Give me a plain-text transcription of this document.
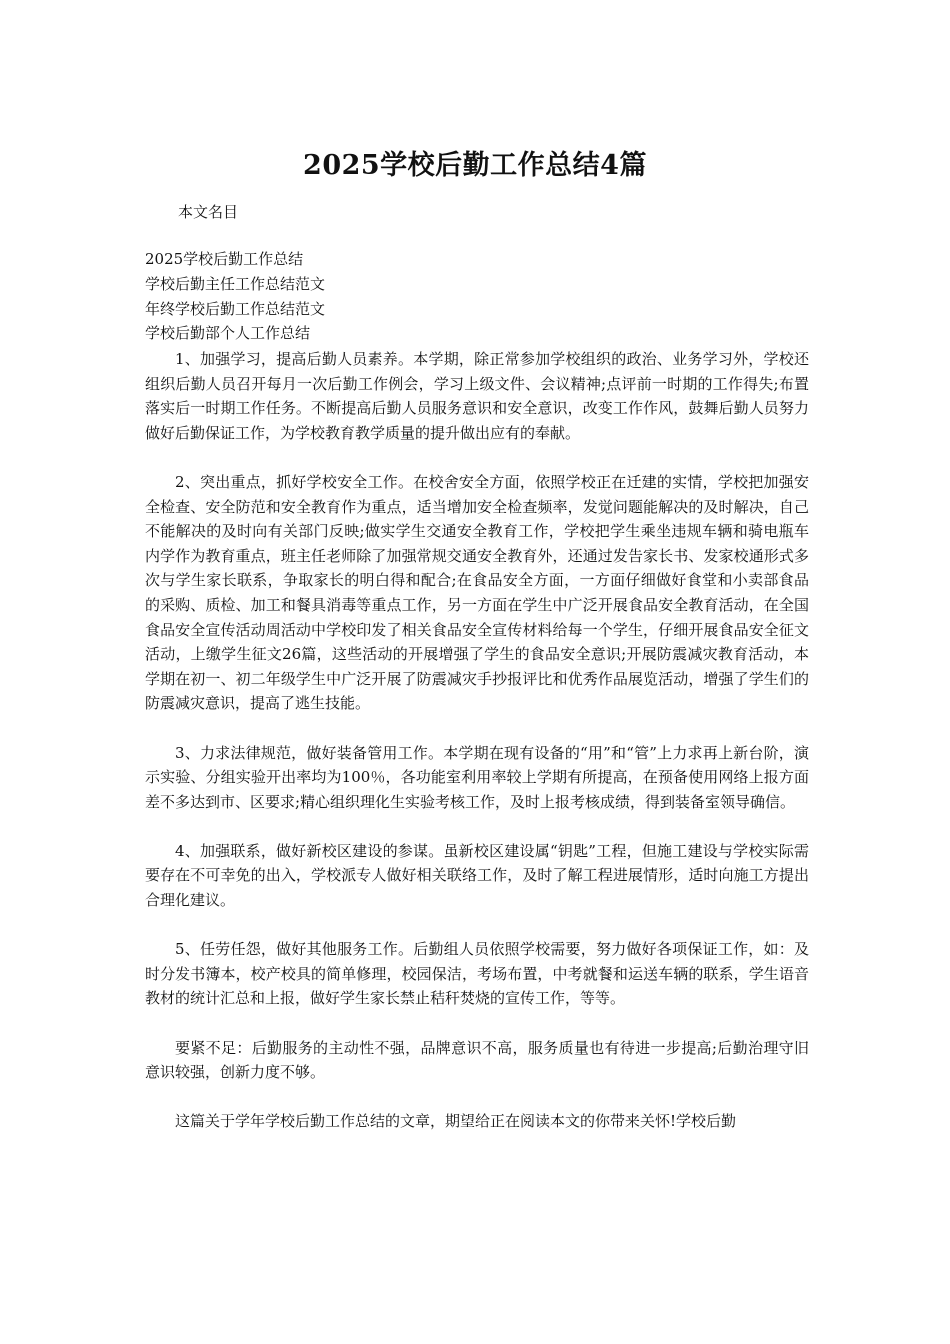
2025学校后勤工作总结4篇
本文名目
2025学校后勤工作总结
学校后勤主任工作总结范文
年终学校后勤工作总结范文
学校后勤部个人工作总结

1、加强学习，提高后勤人员素养。本学期，除正常参加学校组织的政治、业务学习外，学校还组织后勤人员召开每月一次后勤工作例会，学习上级文件、会议精神;点评前一时期的工作得失;布置落实后一时期工作任务。不断提高后勤人员服务意识和安全意识，改变工作作风，鼓舞后勤人员努力做好后勤保证工作，为学校教育教学质量的提升做出应有的奉献。

2、突出重点，抓好学校安全工作。在校舍安全方面，依照学校正在迁建的实情，学校把加强安全检查、安全防范和安全教育作为重点，适当增加安全检查频率，发觉问题能解决的及时解决，自己不能解决的及时向有关部门反映;做实学生交通安全教育工作，学校把学生乘坐违规车辆和骑电瓶车内学作为教育重点，班主任老师除了加强常规交通安全教育外，还通过发告家长书、发家校通形式多次与学生家长联系，争取家长的明白得和配合;在食品安全方面，一方面仔细做好食堂和小卖部食品的采购、质检、加工和餐具消毒等重点工作，另一方面在学生中广泛开展食品安全教育活动，在全国食品安全宣传活动周活动中学校印发了相关食品安全宣传材料给每一个学生，仔细开展食品安全征文活动，上缴学生征文26篇，这些活动的开展增强了学生的食品安全意识;开展防震减灾教育活动，本学期在初一、初二年级学生中广泛开展了防震减灾手抄报评比和优秀作品展览活动，增强了学生们的防震减灾意识，提高了逃生技能。

3、力求法律规范，做好装备管用工作。本学期在现有设备的“用”和“管”上力求再上新台阶，演示实验、分组实验开出率均为100％，各功能室利用率较上学期有所提高，在预备使用网络上报方面差不多达到市、区要求;精心组织理化生实验考核工作，及时上报考核成绩，得到装备室领导确信。

4、加强联系，做好新校区建设的参谋。虽新校区建设属“钥匙”工程，但施工建设与学校实际需要存在不可幸免的出入，学校派专人做好相关联络工作，及时了解工程进展情形，适时向施工方提出合理化建议。

5、任劳任怨，做好其他服务工作。后勤组人员依照学校需要，努力做好各项保证工作，如：及时分发书簿本，校产校具的简单修理，校园保洁，考场布置，中考就餐和运送车辆的联系，学生语音教材的统计汇总和上报，做好学生家长禁止秸秆焚烧的宣传工作，等等。

要紧不足：后勤服务的主动性不强，品牌意识不高，服务质量也有待进一步提高;后勤治理守旧意识较强，创新力度不够。

这篇关于学年学校后勤工作总结的文章，期望给正在阅读本文的你带来关怀!学校后勤
